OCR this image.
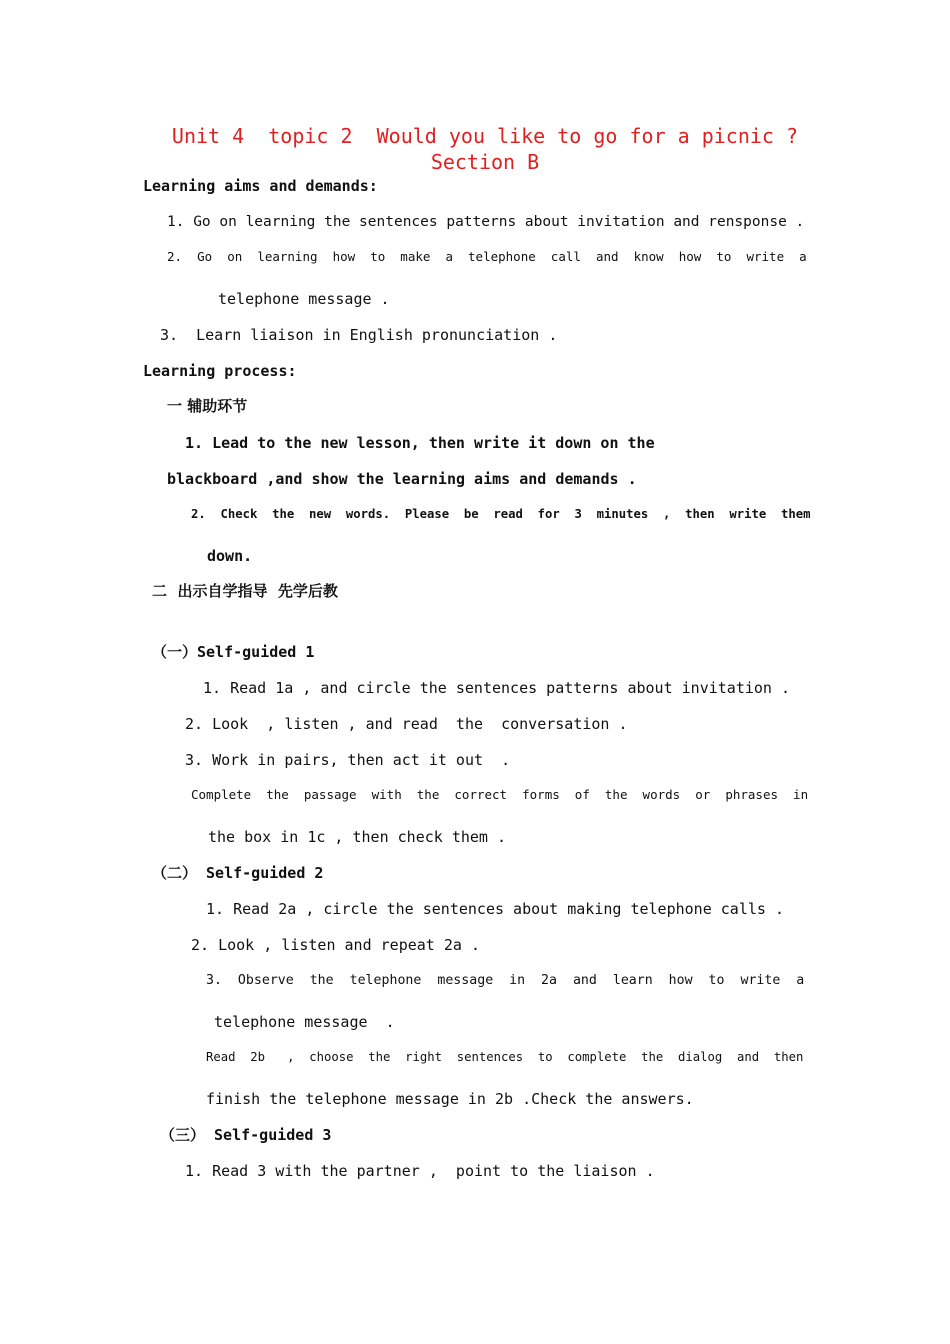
Unit 4  topic 2  Would you like to go for a picnic ?
Section B
Learning aims and demands:
1. Go on learning the sentences patterns about invitation and rensponse .
2.  Go  on  learning  how  to  make  a  telephone  call  and  know  how  to  write  a
telephone message .
3.  Learn liaison in English pronunciation .
Learning process:
一 辅助环节
1. Lead to the new lesson, then write it down on the
blackboard ,and show the learning aims and demands .
2.  Check  the  new  words.  Please  be  read  for  3  minutes  ,  then  write  them
down.
二  出示自学指导  先学后教
（一）Self-guided 1
1. Read 1a , and circle the sentences patterns about invitation .
2. Look  , listen , and read  the  conversation .
3. Work in pairs, then act it out  .
Complete  the  passage  with  the  correct  forms  of  the  words  or  phrases  in
the box in 1c , then check them .
（二） Self-guided 2
1. Read 2a , circle the sentences about making telephone calls .
2. Look , listen and repeat 2a .
3.  Observe  the  telephone  message  in  2a  and  learn  how  to  write  a
telephone message  .
Read  2b   ,  choose  the  right  sentences  to  complete  the  dialog  and  then
finish the telephone message in 2b .Check the answers.
（三） Self-guided 3
1. Read 3 with the partner ,  point to the liaison .
